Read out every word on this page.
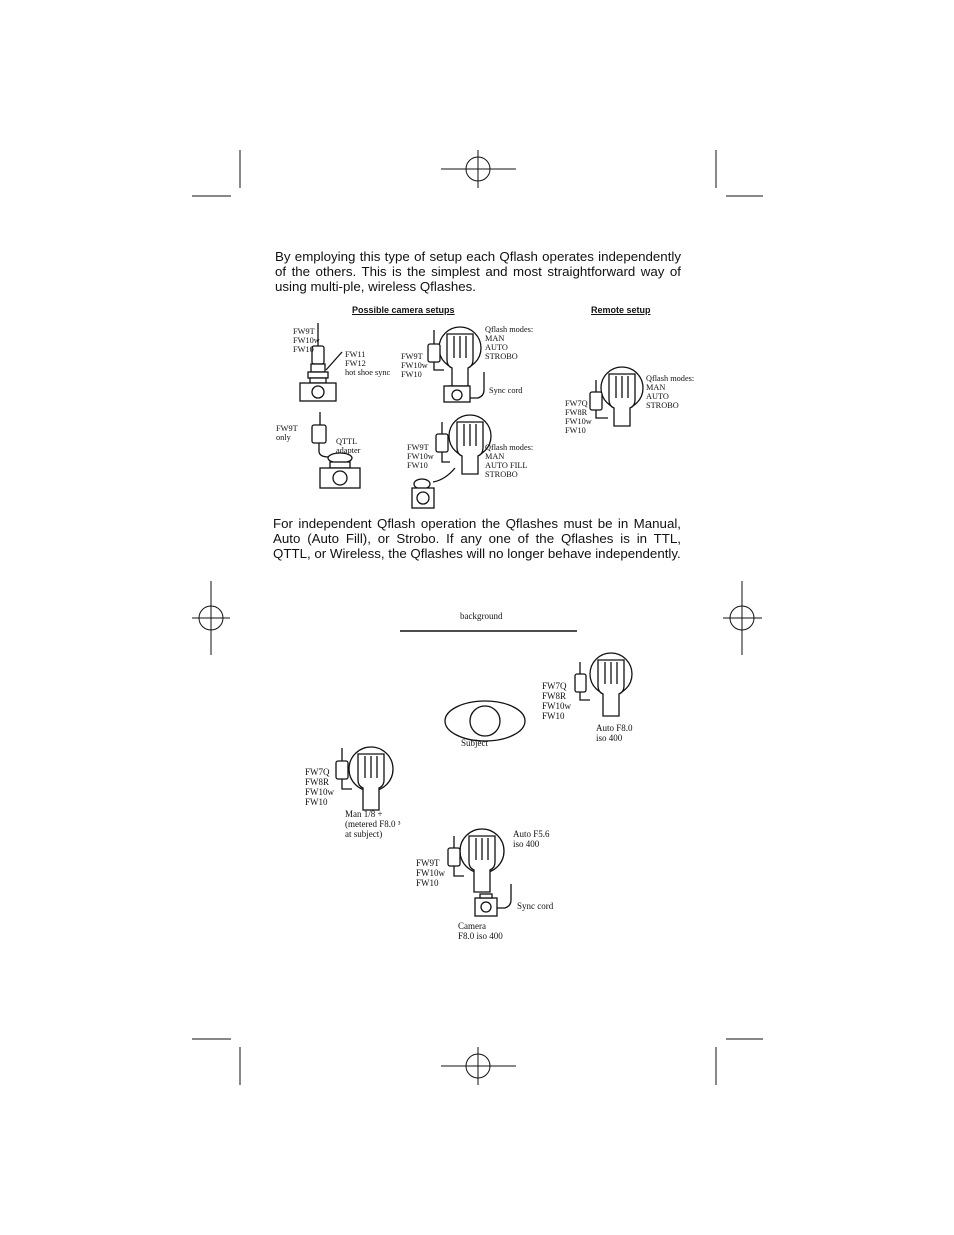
By employing this type of setup each Qflash operates independently of the others. This is the simplest and most straightforward way of using multi-ple, wireless Qflashes.
Possible camera setups	Remote setup
FW9T
FW10w
FW10
FW11
FW12
hot shoe sync
FW9T
FW10w
FW10
Qflash modes:
MAN
AUTO
STROBO
Sync cord
FW9T
only	QTTL
adapter	FW9T
FW10w
FW10
Qflash modes:
MAN
AUTO FILL
STROBO
FW7Q
FW8R
FW10w
FW10
Qflash modes:
MAN
AUTO
STROBO
For independent Qflash operation the Qflashes must be in Manual, Auto (Auto Fill), or Strobo. If any one of the Qflashes is in TTL, QTTL, or Wireless, the Qflashes will no longer behave independently.
background
Subject
FW7Q
FW8R
FW10w
FW10
Auto F8.0
iso 400
FW7Q
FW8R
FW10w
FW10
Man 1/8 +
(metered F8.0 ³
at subject)
FW9T
FW10w
FW10
Auto F5.6
iso 400
Sync cord
Camera
F8.0 iso 400
